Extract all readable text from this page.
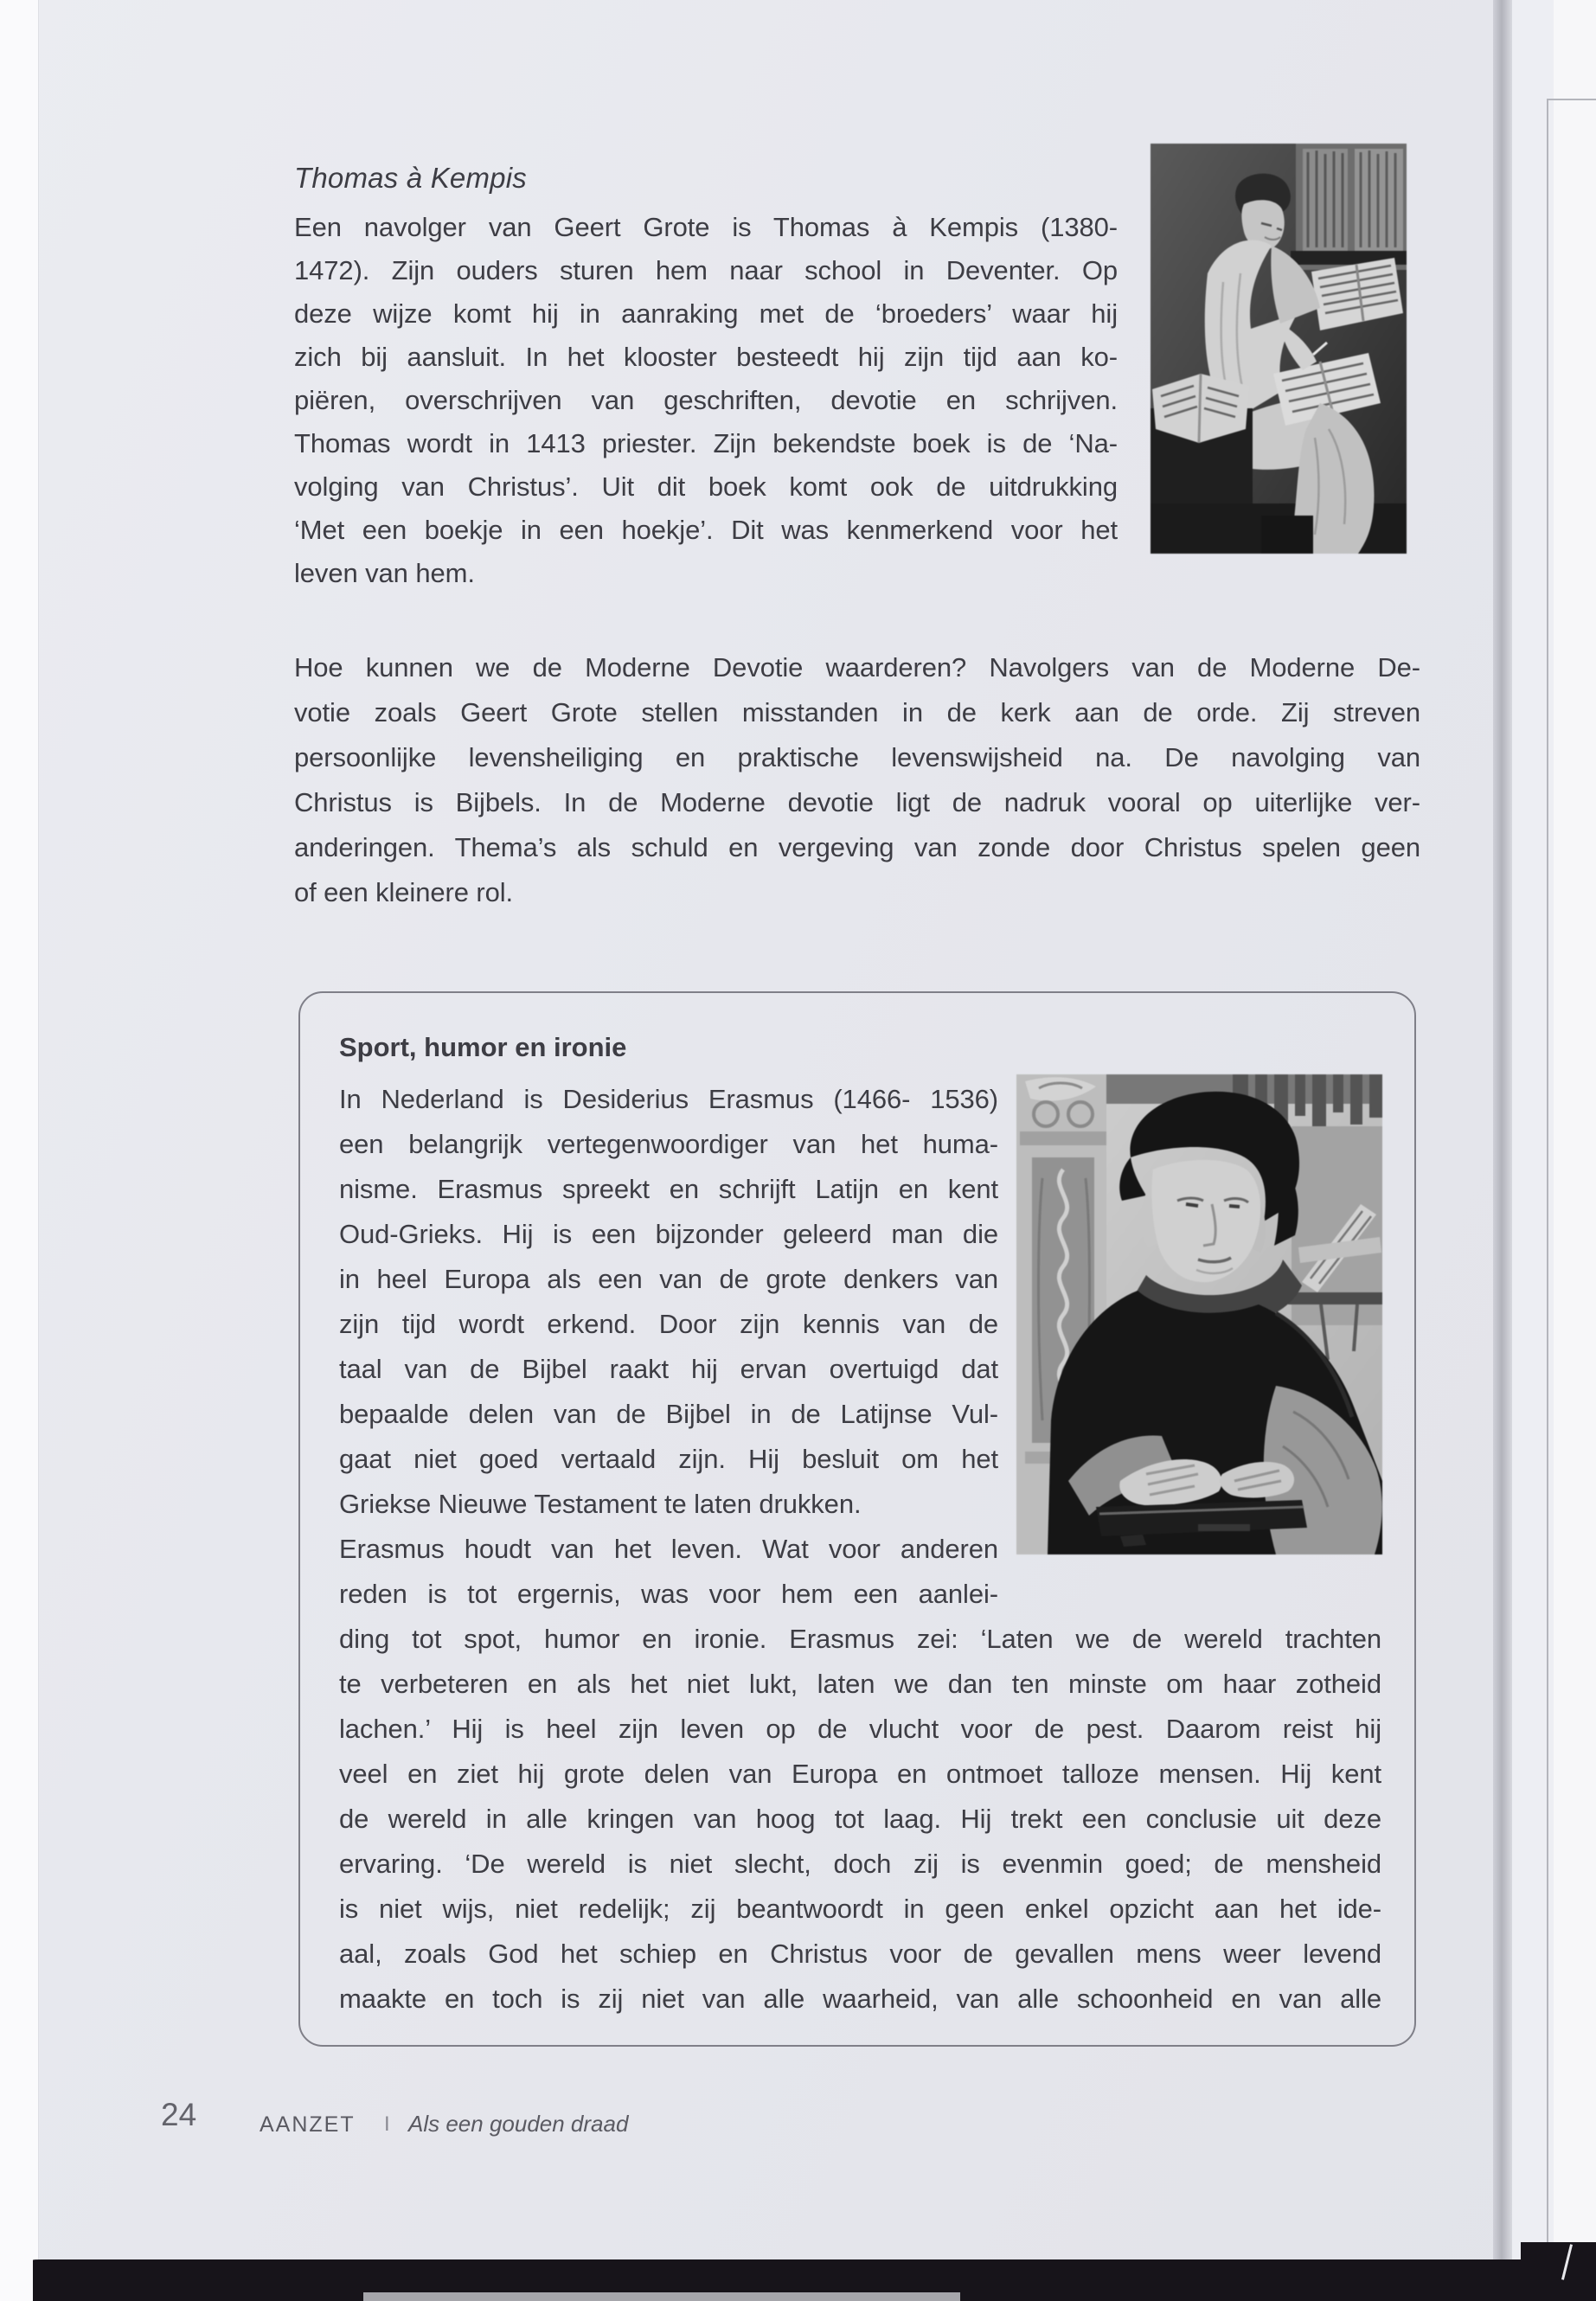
Thomas à Kempis
Een navolger van Geert Grote is Thomas à Kempis (1380-
1472). Zijn ouders sturen hem naar school in Deventer. Op
deze wijze komt hij in aanraking met de ‘broeders’ waar hij
zich bij aansluit. In het klooster besteedt hij zijn tijd aan ko-
piëren, overschrijven van geschriften, devotie en schrijven.
Thomas wordt in 1413 priester. Zijn bekendste boek is de ‘Na-
volging van Christus’. Uit dit boek komt ook de uitdrukking
‘Met een boekje in een hoekje’. Dit was kenmerkend voor het
leven van hem.
Hoe kunnen we de Moderne Devotie waarderen? Navolgers van de Moderne De-
votie zoals Geert Grote stellen misstanden in de kerk aan de orde. Zij streven
persoonlijke levensheiliging en praktische levenswijsheid na. De navolging van
Christus is Bijbels. In de Moderne devotie ligt de nadruk vooral op uiterlijke ver-
anderingen. Thema’s als schuld en vergeving van zonde door Christus spelen geen
of een kleinere rol.
Sport, humor en ironie
In Nederland is Desiderius Erasmus (1466- 1536)
een belangrijk vertegenwoordiger van het huma-
nisme. Erasmus spreekt en schrijft Latijn en kent
Oud-Grieks. Hij is een bijzonder geleerd man die
in heel Europa als een van de grote denkers van
zijn tijd wordt erkend. Door zijn kennis van de
taal van de Bijbel raakt hij ervan overtuigd dat
bepaalde delen van de Bijbel in de Latijnse Vul-
gaat niet goed vertaald zijn. Hij besluit om het
Griekse Nieuwe Testament te laten drukken.
Erasmus houdt van het leven. Wat voor anderen
reden is tot ergernis, was voor hem een aanlei-
ding tot spot, humor en ironie. Erasmus zei: ‘Laten we de wereld trachten
te verbeteren en als het niet lukt, laten we dan ten minste om haar zotheid
lachen.’ Hij is heel zijn leven op de vlucht voor de pest. Daarom reist hij
veel en ziet hij grote delen van Europa en ontmoet talloze mensen. Hij kent
de wereld in alle kringen van hoog tot laag. Hij trekt een conclusie uit deze
ervaring. ‘De wereld is niet slecht, doch zij is evenmin goed; de mensheid
is niet wijs, niet redelijk; zij beantwoordt in geen enkel opzicht aan het ide-
aal, zoals God het schiep en Christus voor de gevallen mens weer levend
maakte en toch is zij niet van alle waarheid, van alle schoonheid en van alle
24	AANZET I Als een gouden draad
